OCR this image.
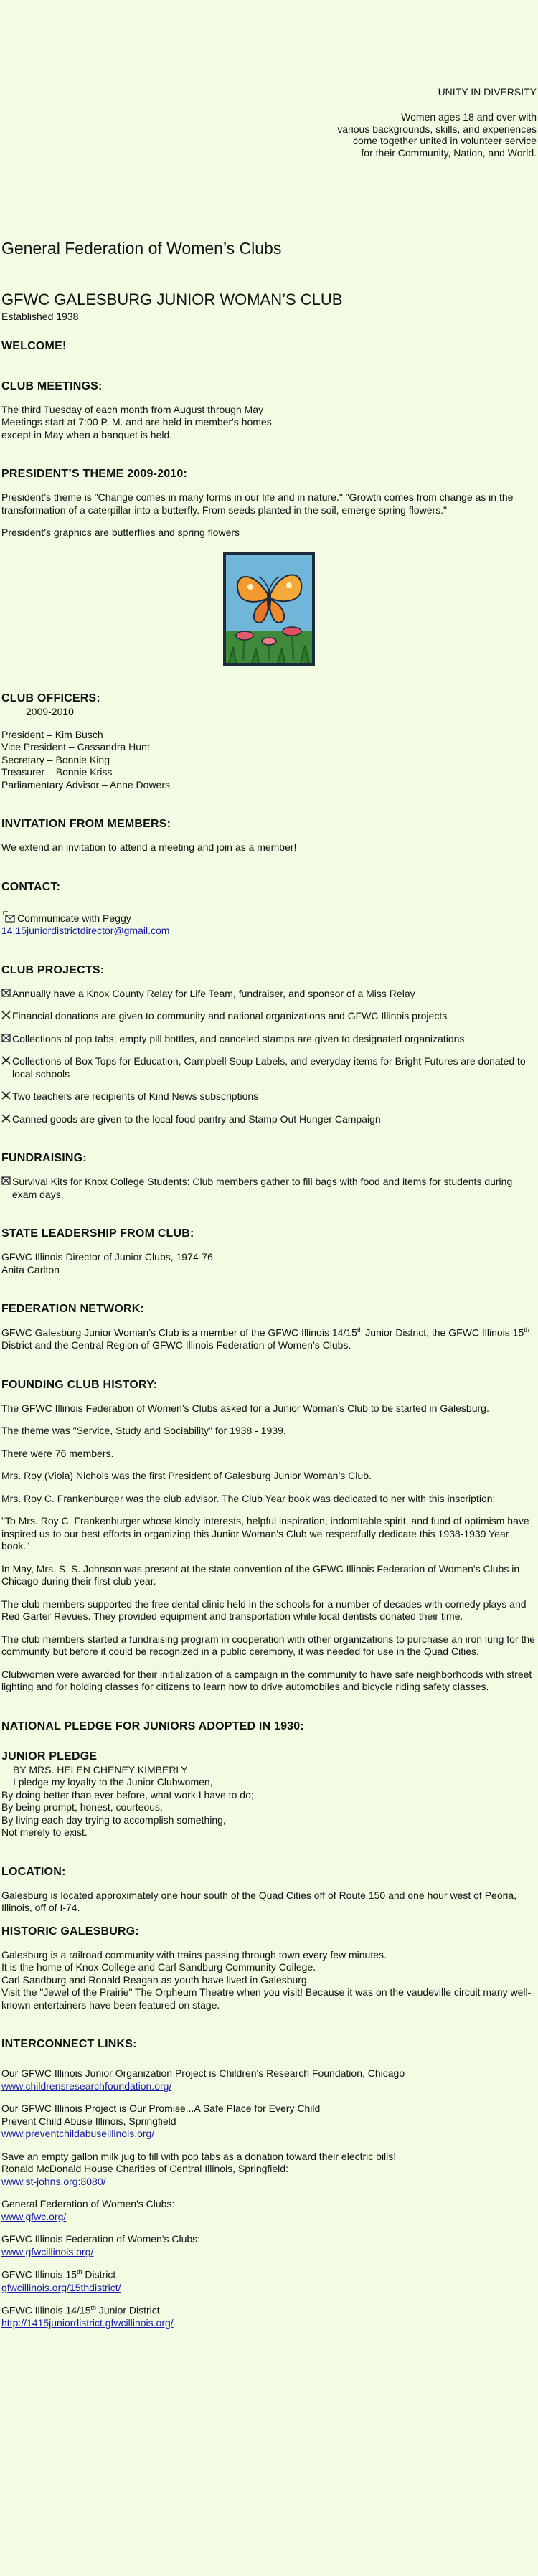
UNITY IN DIVERSITY
Women ages 18 and over with
various backgrounds, skills, and experiences
come together united in volunteer service
for their Community, Nation, and World.
General Federation of Women’s Clubs
GFWC GALESBURG JUNIOR WOMAN’S CLUB
Established 1938
WELCOME!
CLUB MEETINGS:

The third Tuesday of each month from August through May

Meetings start at 7:00 P. M. and are held in member's homes

except in May when a banquet is held.

PRESIDENT’S THEME 2009-2010:

President’s theme is "Change comes in many forms in our life and in nature." "Growth comes from change as in the transformation of a caterpillar into a butterfly. From seeds planted in the soil, emerge spring flowers."

President’s graphics are butterflies and spring flowers

CLUB OFFICERS:

2009-2010

President – Kim Busch

Vice President – Cassandra Hunt

Secretary – Bonnie King

Treasurer – Bonnie Kriss

Parliamentary Advisor – Anne Dowers

INVITATION FROM MEMBERS:

We extend an invitation to attend a meeting and join as a member!

CONTACT:
Communicate with Peggy

14.15juniordistrictdirector@gmail.com

CLUB PROJECTS:
Annually have a Knox County Relay for Life Team, fundraiser, and sponsor of a Miss Relay
Financial donations are given to community and national organizations and GFWC Illinois projects
Collections of pop tabs, empty pill bottles, and canceled stamps are given to designated organizations
Collections of Box Tops for Education, Campbell Soup Labels, and everyday items for Bright Futures are donated to local schools
Two teachers are recipients of Kind News subscriptions
Canned goods are given to the local food pantry and Stamp Out Hunger Campaign
FUNDRAISING:
Survival Kits for Knox College Students: Club members gather to fill bags with food and items for students during exam days.
STATE LEADERSHIP FROM CLUB:

GFWC Illinois Director of Junior Clubs, 1974-76

Anita Carlton

FEDERATION NETWORK:

GFWC Galesburg Junior Woman’s Club is a member of the GFWC Illinois 14/15th Junior District, the GFWC Illinois 15th District and the Central Region of GFWC Illinois Federation of Women’s Clubs.

FOUNDING CLUB HISTORY:

The GFWC Illinois Federation of Women’s Clubs asked for a Junior Woman’s Club to be started in Galesburg.

The theme was "Service, Study and Sociability" for 1938 - 1939.

There were 76 members.

Mrs. Roy (Viola) Nichols was the first President of Galesburg Junior Woman’s Club.

Mrs. Roy C. Frankenburger was the club advisor. The Club Year book was dedicated to her with this inscription:

"To Mrs. Roy C. Frankenburger whose kindly interests, helpful inspiration, indomitable spirit, and fund of optimism have inspired us to our best efforts in organizing this Junior Woman’s Club we respectfully dedicate this 1938-1939 Year book."

In May, Mrs. S. S. Johnson was present at the state convention of the GFWC Illinois Federation of Women’s Clubs in Chicago during their first club year.

The club members supported the free dental clinic held in the schools for a number of decades with comedy plays and Red Garter Revues. They provided equipment and transportation while local dentists donated their time.

The club members started a fundraising program in cooperation with other organizations to purchase an iron lung for the community but before it could be recognized in a public ceremony, it was needed for use in the Quad Cities.

Clubwomen were awarded for their initialization of a campaign in the community to have safe neighborhoods with street lighting and for holding classes for citizens to learn how to drive automobiles and bicycle riding safety classes.

NATIONAL PLEDGE FOR JUNIORS ADOPTED IN 1930:
JUNIOR PLEDGE

BY MRS. HELEN CHENEY KIMBERLY

I pledge my loyalty to the Junior Clubwomen,

By doing better than ever before, what work I have to do;

By being prompt, honest, courteous,

By living each day trying to accomplish something,

Not merely to exist.

LOCATION:

Galesburg is located approximately one hour south of the Quad Cities off of Route 150 and one hour west of Peoria, Illinois, off of I-74.

HISTORIC GALESBURG:

Galesburg is a railroad community with trains passing through town every few minutes.

It is the home of Knox College and Carl Sandburg Community College.

Carl Sandburg and Ronald Reagan as youth have lived in Galesburg.

Visit the "Jewel of the Prairie" The Orpheum Theatre when you visit! Because it was on the vaudeville circuit many well-known entertainers have been featured on stage.

INTERCONNECT LINKS:

Our GFWC Illinois Junior Organization Project is Children's Research Foundation, Chicago

www.childrensresearchfoundation.org/

Our GFWC Illinois Project is Our Promise...A Safe Place for Every Child

Prevent Child Abuse Illinois, Springfield

www.preventchildabuseillinois.org/

Save an empty gallon milk jug to fill with pop tabs as a donation toward their electric bills!

Ronald McDonald House Charities of Central Illinois, Springfield:

www.st-johns.org:8080/

General Federation of Women's Clubs:

www.gfwc.org/

GFWC Illinois Federation of Women's Clubs:

www.gfwcillinois.org/

GFWC Illinois 15th District

gfwcillinois.org/15thdistrict/

GFWC Illinois 14/15th Junior District

http://1415juniordistrict.gfwcillinois.org/
